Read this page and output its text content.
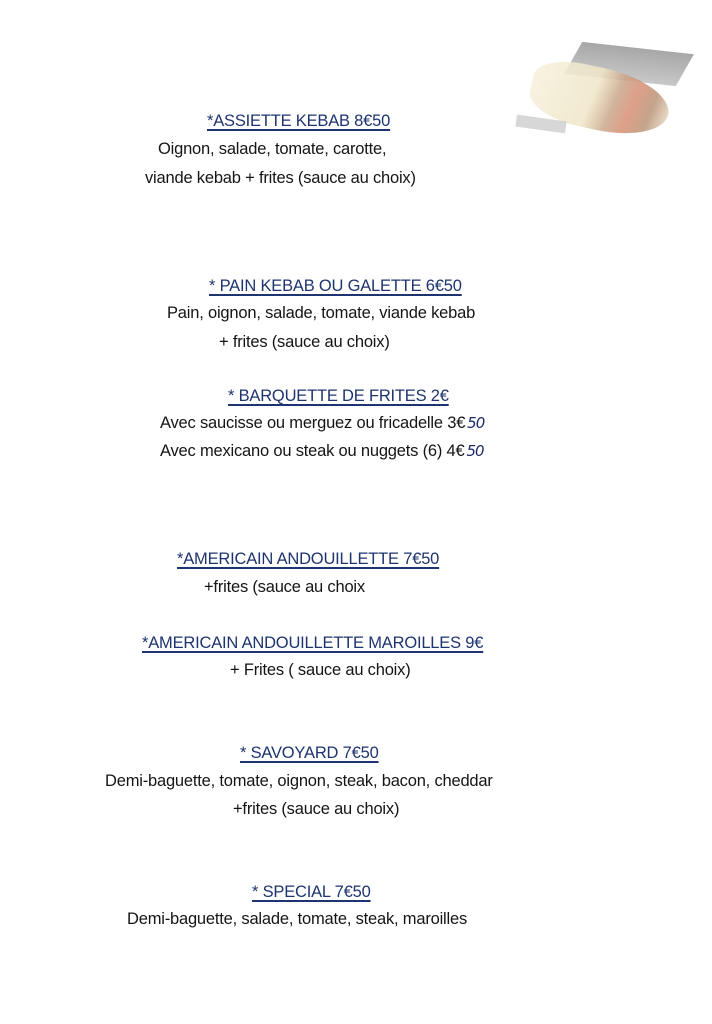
*ASSIETTE KEBAB 8€50
Oignon, salade, tomate, carotte,
viande kebab + frites (sauce au choix)
* PAIN KEBAB OU GALETTE 6€50
Pain, oignon, salade, tomate, viande kebab
+ frites (sauce au choix)
* BARQUETTE DE FRITES 2€
Avec saucisse ou merguez ou fricadelle 3€ 50
Avec mexicano ou steak ou nuggets (6) 4€ 50
*AMERICAIN ANDOUILLETTE 7€50
+frites (sauce au choix
*AMERICAIN ANDOUILLETTE MAROILLES 9€
+ Frites ( sauce au choix)
* SAVOYARD 7€50
Demi-baguette, tomate, oignon, steak, bacon, cheddar
+frites (sauce au choix)
* SPECIAL 7€50
Demi-baguette, salade, tomate, steak, maroilles
